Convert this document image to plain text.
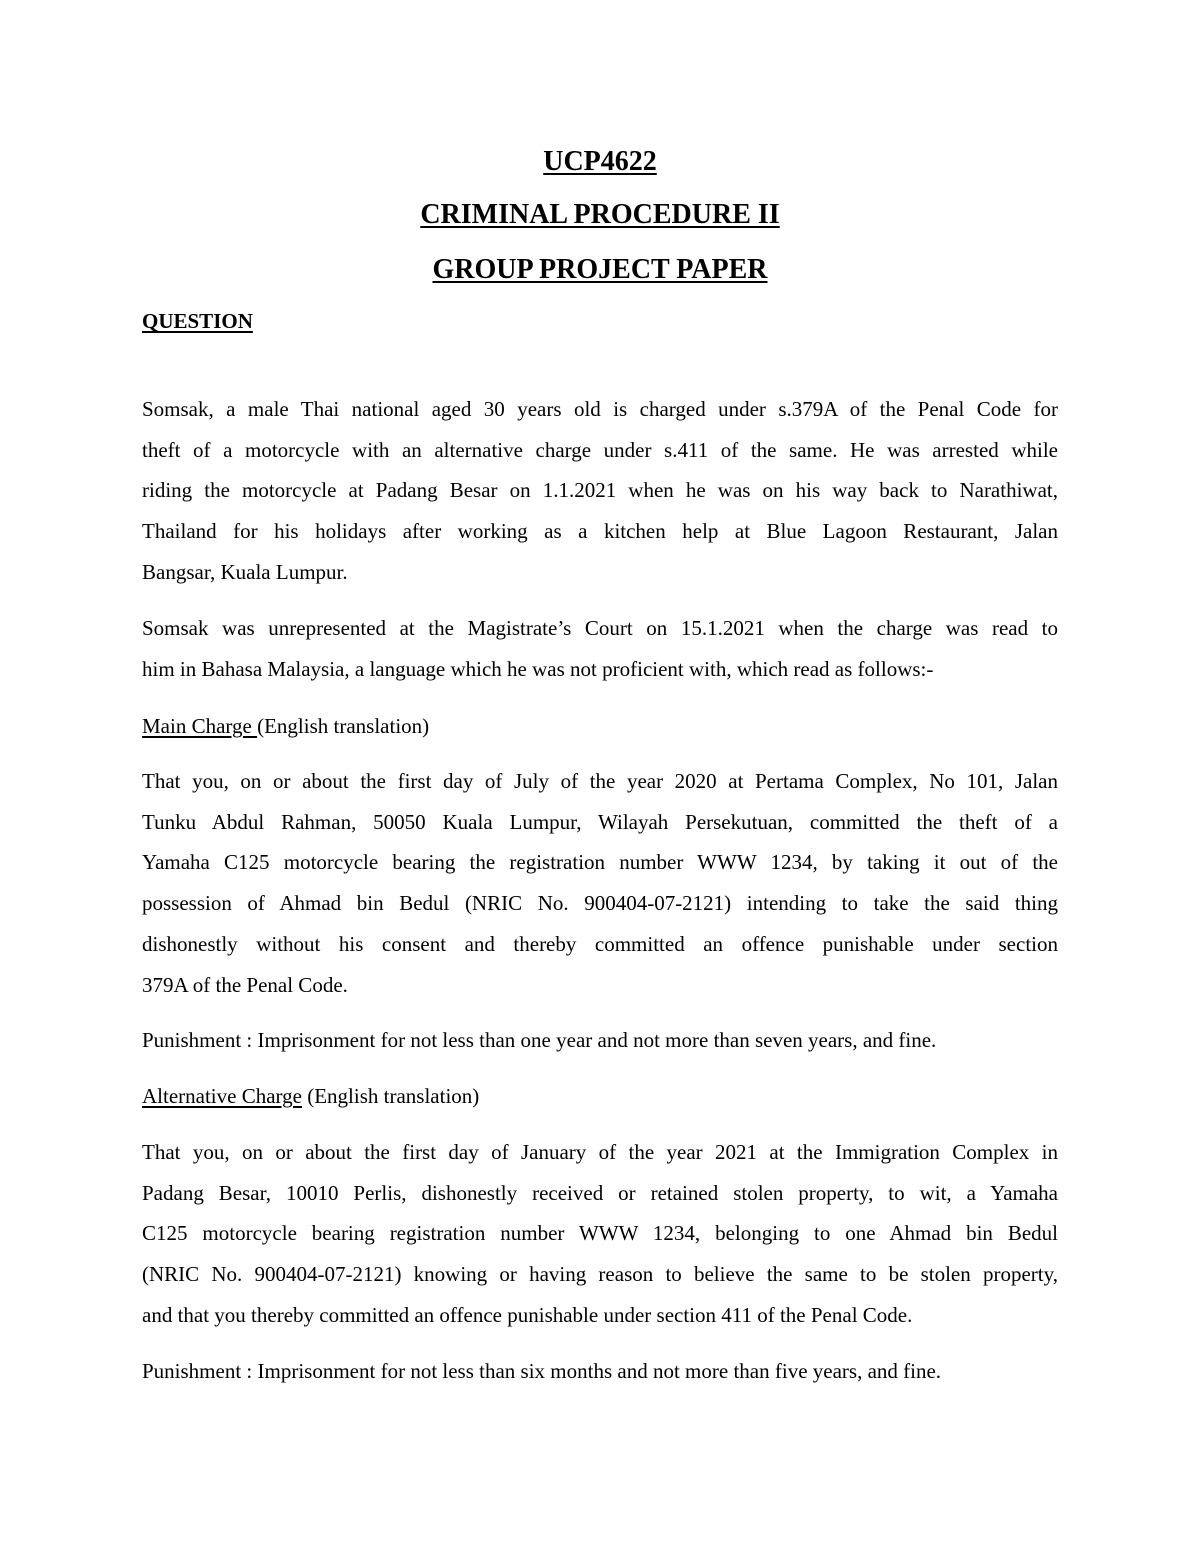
UCP4622
CRIMINAL PROCEDURE II
GROUP PROJECT PAPER
QUESTION
Somsak, a male Thai national aged 30 years old is charged under s.379A of the Penal Code for
theft of a motorcycle with an alternative charge under s.411 of the same. He was arrested while
riding the motorcycle at Padang Besar on 1.1.2021 when he was on his way back to Narathiwat,
Thailand for his holidays after working as a kitchen help at Blue Lagoon Restaurant, Jalan
Bangsar, Kuala Lumpur.
Somsak was unrepresented at the Magistrate’s Court on 15.1.2021 when the charge was read to
him in Bahasa Malaysia, a language which he was not proficient with, which read as follows:-
Main Charge (English translation)
That you, on or about the first day of July of the year 2020 at Pertama Complex, No 101, Jalan
Tunku Abdul Rahman, 50050 Kuala Lumpur, Wilayah Persekutuan, committed the theft of a
Yamaha C125 motorcycle bearing the registration number WWW 1234, by taking it out of the
possession of Ahmad bin Bedul (NRIC No. 900404-07-2121) intending to take the said thing
dishonestly without his consent and thereby committed an offence punishable under section
379A of the Penal Code.
Punishment : Imprisonment for not less than one year and not more than seven years, and fine.
Alternative Charge (English translation)
That you, on or about the first day of January of the year 2021 at the Immigration Complex in
Padang Besar, 10010 Perlis, dishonestly received or retained stolen property, to wit, a Yamaha
C125 motorcycle bearing registration number WWW 1234, belonging to one Ahmad bin Bedul
(NRIC No. 900404-07-2121) knowing or having reason to believe the same to be stolen property,
and that you thereby committed an offence punishable under section 411 of the Penal Code.
Punishment : Imprisonment for not less than six months and not more than five years, and fine.
